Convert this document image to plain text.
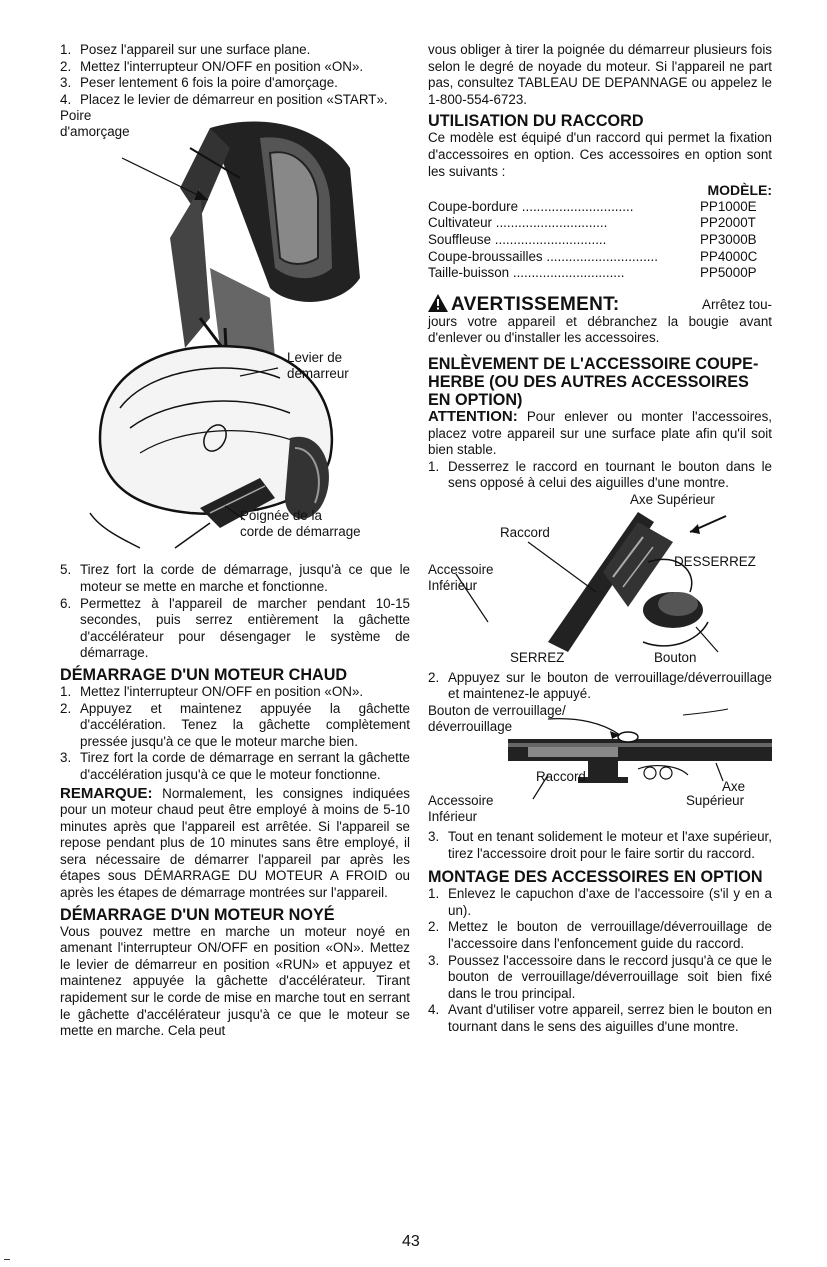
1. Posez l'appareil sur une surface plane.
2. Mettez l'interrupteur ON/OFF en position «ON».
3. Peser lentement 6 fois la poire d'amorçage.
4. Placez le levier de démarreur en position «START».
Poire
d'amorçage
Levier de
démarreur
Poignée de la
corde de démarrage
5. Tirez fort la corde de démarrage, jusqu'à ce que le moteur se mette en marche et fonctionne.
6. Permettez à l'appareil de marcher pendant 10-15 secondes, puis serrez entièrement la gâchette d'accélérateur pour désengager le système de démarrage.
DÉMARRAGE D'UN MOTEUR CHAUD
1. Mettez l'interrupteur ON/OFF en position «ON».
2. Appuyez et maintenez appuyée la gâchette d'accélération. Tenez la gâchette complètement pressée jusqu'à ce que le moteur marche bien.
3. Tirez fort la corde de démarrage en serrant la gâchette d'accélération jusqu'à ce que le moteur fonctionne.

REMARQUE: Normalement, les consignes indiquées pour un moteur chaud peut être employé à moins de 5-10 minutes après que l'appareil est arrêtée. Si l'appareil se repose pendant plus de 10 minutes sans être employé, il sera nécessaire de démarrer l'appareil par après les étapes sous DÉMARRAGE DU MOTEUR A FROID ou après les étapes de démarrage montrées sur l'appareil.

DÉMARRAGE D'UN MOTEUR NOYÉ

Vous pouvez mettre en marche un moteur noyé en amenant l'interrupteur ON/OFF en position «ON». Mettez le levier de démarreur en position «RUN» et appuyez et maintenez appuyée la gâchette d'accélérateur. Tirant rapidement sur le corde de mise en marche tout en serrant le gâchette d'accélérateur jusqu'à ce que le moteur se mette en marche. Cela peut

vous obliger à tirer la poignée du démarreur plusieurs fois selon le degré de noyade du moteur. Si l'appareil ne part pas, consultez TABLEAU DE DEPANNAGE ou appelez le 1-800-554-6723.

UTILISATION DU RACCORD

Ce modèle est équipé d'un raccord qui permet la fixation d'accessoires en option. Ces accessoires en option sont les suivants :

MODÈLE:
Coupe-bordure ..............................	PP1000E
Cultivateur ..............................	PP2000T
Souffleuse ..............................	PP3000B
Coupe-broussailles ..............................	PP4000C
Taille-buisson ..............................	PP5000P
AVERTISSEMENT:	Arrêtez tou-

jours votre appareil et débranchez la bougie avant d'enlever ou d'installer les accessoires.

ENLÈVEMENT DE L'ACCESSOIRE COUPE-HERBE (OU DES AUTRES ACCESSOIRES EN OPTION)

ATTENTION: Pour enlever ou monter l'accessoires, placez votre appareil sur une surface plate afin qu'il soit bien stable.

1. Desserrez le raccord en tournant le bouton dans le sens opposé à celui des aiguilles d'une montre.
Axe Supérieur
Raccord
DESSERREZ
Accessoire
Inférieur
SERREZ	Bouton
2. Appuyez sur le bouton de verrouillage/déverrouillage et maintenez-le appuyé.
Bouton de verrouillage/
déverrouillage
Raccord
Axe
Supérieur
Accessoire
Inférieur
3. Tout en tenant solidement le moteur et l'axe supérieur, tirez l'accessoire droit pour le faire sortir du raccord.
MONTAGE DES ACCESSOIRES EN OPTION
1. Enlevez le capuchon d'axe de l'accessoire (s'il y en a un).
2. Mettez le bouton de verrouillage/déverrouillage de l'accessoire dans l'enfoncement guide du raccord.
3. Poussez l'accessoire dans le reccord jusqu'à ce que le bouton de verrouillage/déverrouillage soit bien fixé dans le trou principal.
4. Avant d'utiliser votre appareil, serrez bien le bouton en tournant dans le sens des aiguilles d'une montre.
43
